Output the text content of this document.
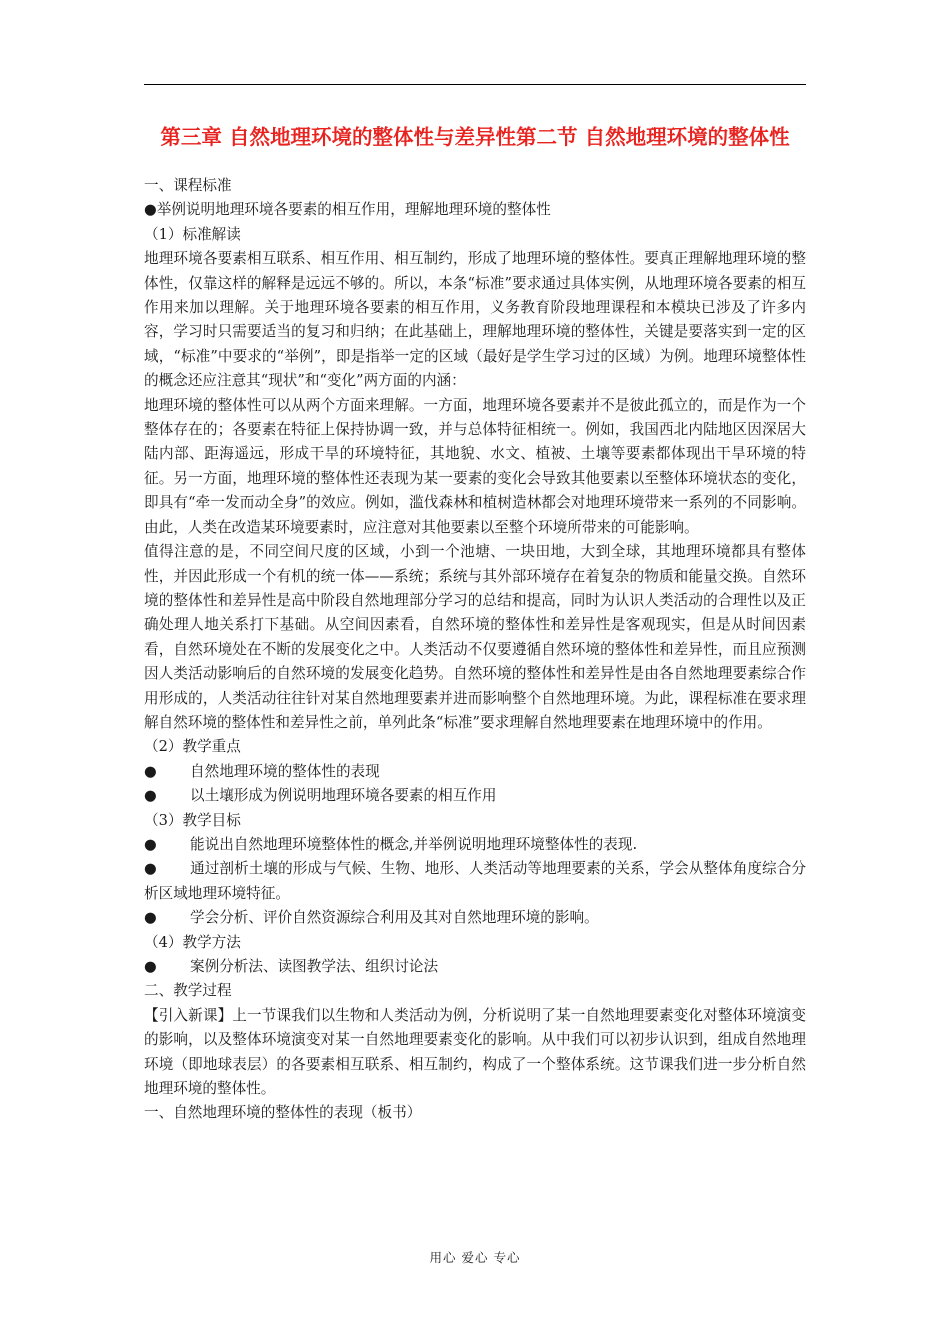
第三章 自然地理环境的整体性与差异性第二节 自然地理环境的整体性

一、课程标准

●举例说明地理环境各要素的相互作用，理解地理环境的整体性

（1）标准解读

地理环境各要素相互联系、相互作用、相互制约，形成了地理环境的整体性。要真正理解地理环境的整体性，仅靠这样的解释是远远不够的。所以，本条“标准”要求通过具体实例，从地理环境各要素的相互作用来加以理解。关于地理环境各要素的相互作用，义务教育阶段地理课程和本模块已涉及了许多内容，学习时只需要适当的复习和归纳；在此基础上，理解地理环境的整体性，关键是要落实到一定的区域，“标准”中要求的“举例”，即是指举一定的区域（最好是学生学习过的区域）为例。地理环境整体性的概念还应注意其“现状”和“变化”两方面的内涵：

地理环境的整体性可以从两个方面来理解。一方面，地理环境各要素并不是彼此孤立的，而是作为一个整体存在的；各要素在特征上保持协调一致，并与总体特征相统一。例如，我国西北内陆地区因深居大陆内部、距海遥远，形成干旱的环境特征，其地貌、水文、植被、土壤等要素都体现出干旱环境的特征。另一方面，地理环境的整体性还表现为某一要素的变化会导致其他要素以至整体环境状态的变化，即具有“牵一发而动全身”的效应。例如，滥伐森林和植树造林都会对地理环境带来一系列的不同影响。由此，人类在改造某环境要素时，应注意对其他要素以至整个环境所带来的可能影响。

值得注意的是，不同空间尺度的区域，小到一个池塘、一块田地，大到全球，其地理环境都具有整体性，并因此形成一个有机的统一体——系统；系统与其外部环境存在着复杂的物质和能量交换。自然环境的整体性和差异性是高中阶段自然地理部分学习的总结和提高，同时为认识人类活动的合理性以及正确处理人地关系打下基础。从空间因素看，自然环境的整体性和差异性是客观现实，但是从时间因素看，自然环境处在不断的发展变化之中。人类活动不仅要遵循自然环境的整体性和差异性，而且应预测因人类活动影响后的自然环境的发展变化趋势。自然环境的整体性和差异性是由各自然地理要素综合作用形成的，人类活动往往针对某自然地理要素并进而影响整个自然地理环境。为此，课程标准在要求理解自然环境的整体性和差异性之前，单列此条“标准”要求理解自然地理要素在地理环境中的作用。

（2）教学重点

●	自然地理环境的整体性的表现

●	以土壤形成为例说明地理环境各要素的相互作用

（3）教学目标

●	能说出自然地理环境整体性的概念,并举例说明地理环境整体性的表现.

● 通过剖析土壤的形成与气候、生物、地形、人类活动等地理要素的关系，学会从整体角度综合分析区域地理环境特征。

●	学会分析、评价自然资源综合利用及其对自然地理环境的影响。

（4）教学方法

●	案例分析法、读图教学法、组织讨论法

二、教学过程

【引入新课】上一节课我们以生物和人类活动为例，分析说明了某一自然地理要素变化对整体环境演变的影响，以及整体环境演变对某一自然地理要素变化的影响。从中我们可以初步认识到，组成自然地理环境（即地球表层）的各要素相互联系、相互制约，构成了一个整体系统。这节课我们进一步分析自然地理环境的整体性。

一、自然地理环境的整体性的表现（板书）

用心 爱心 专心
